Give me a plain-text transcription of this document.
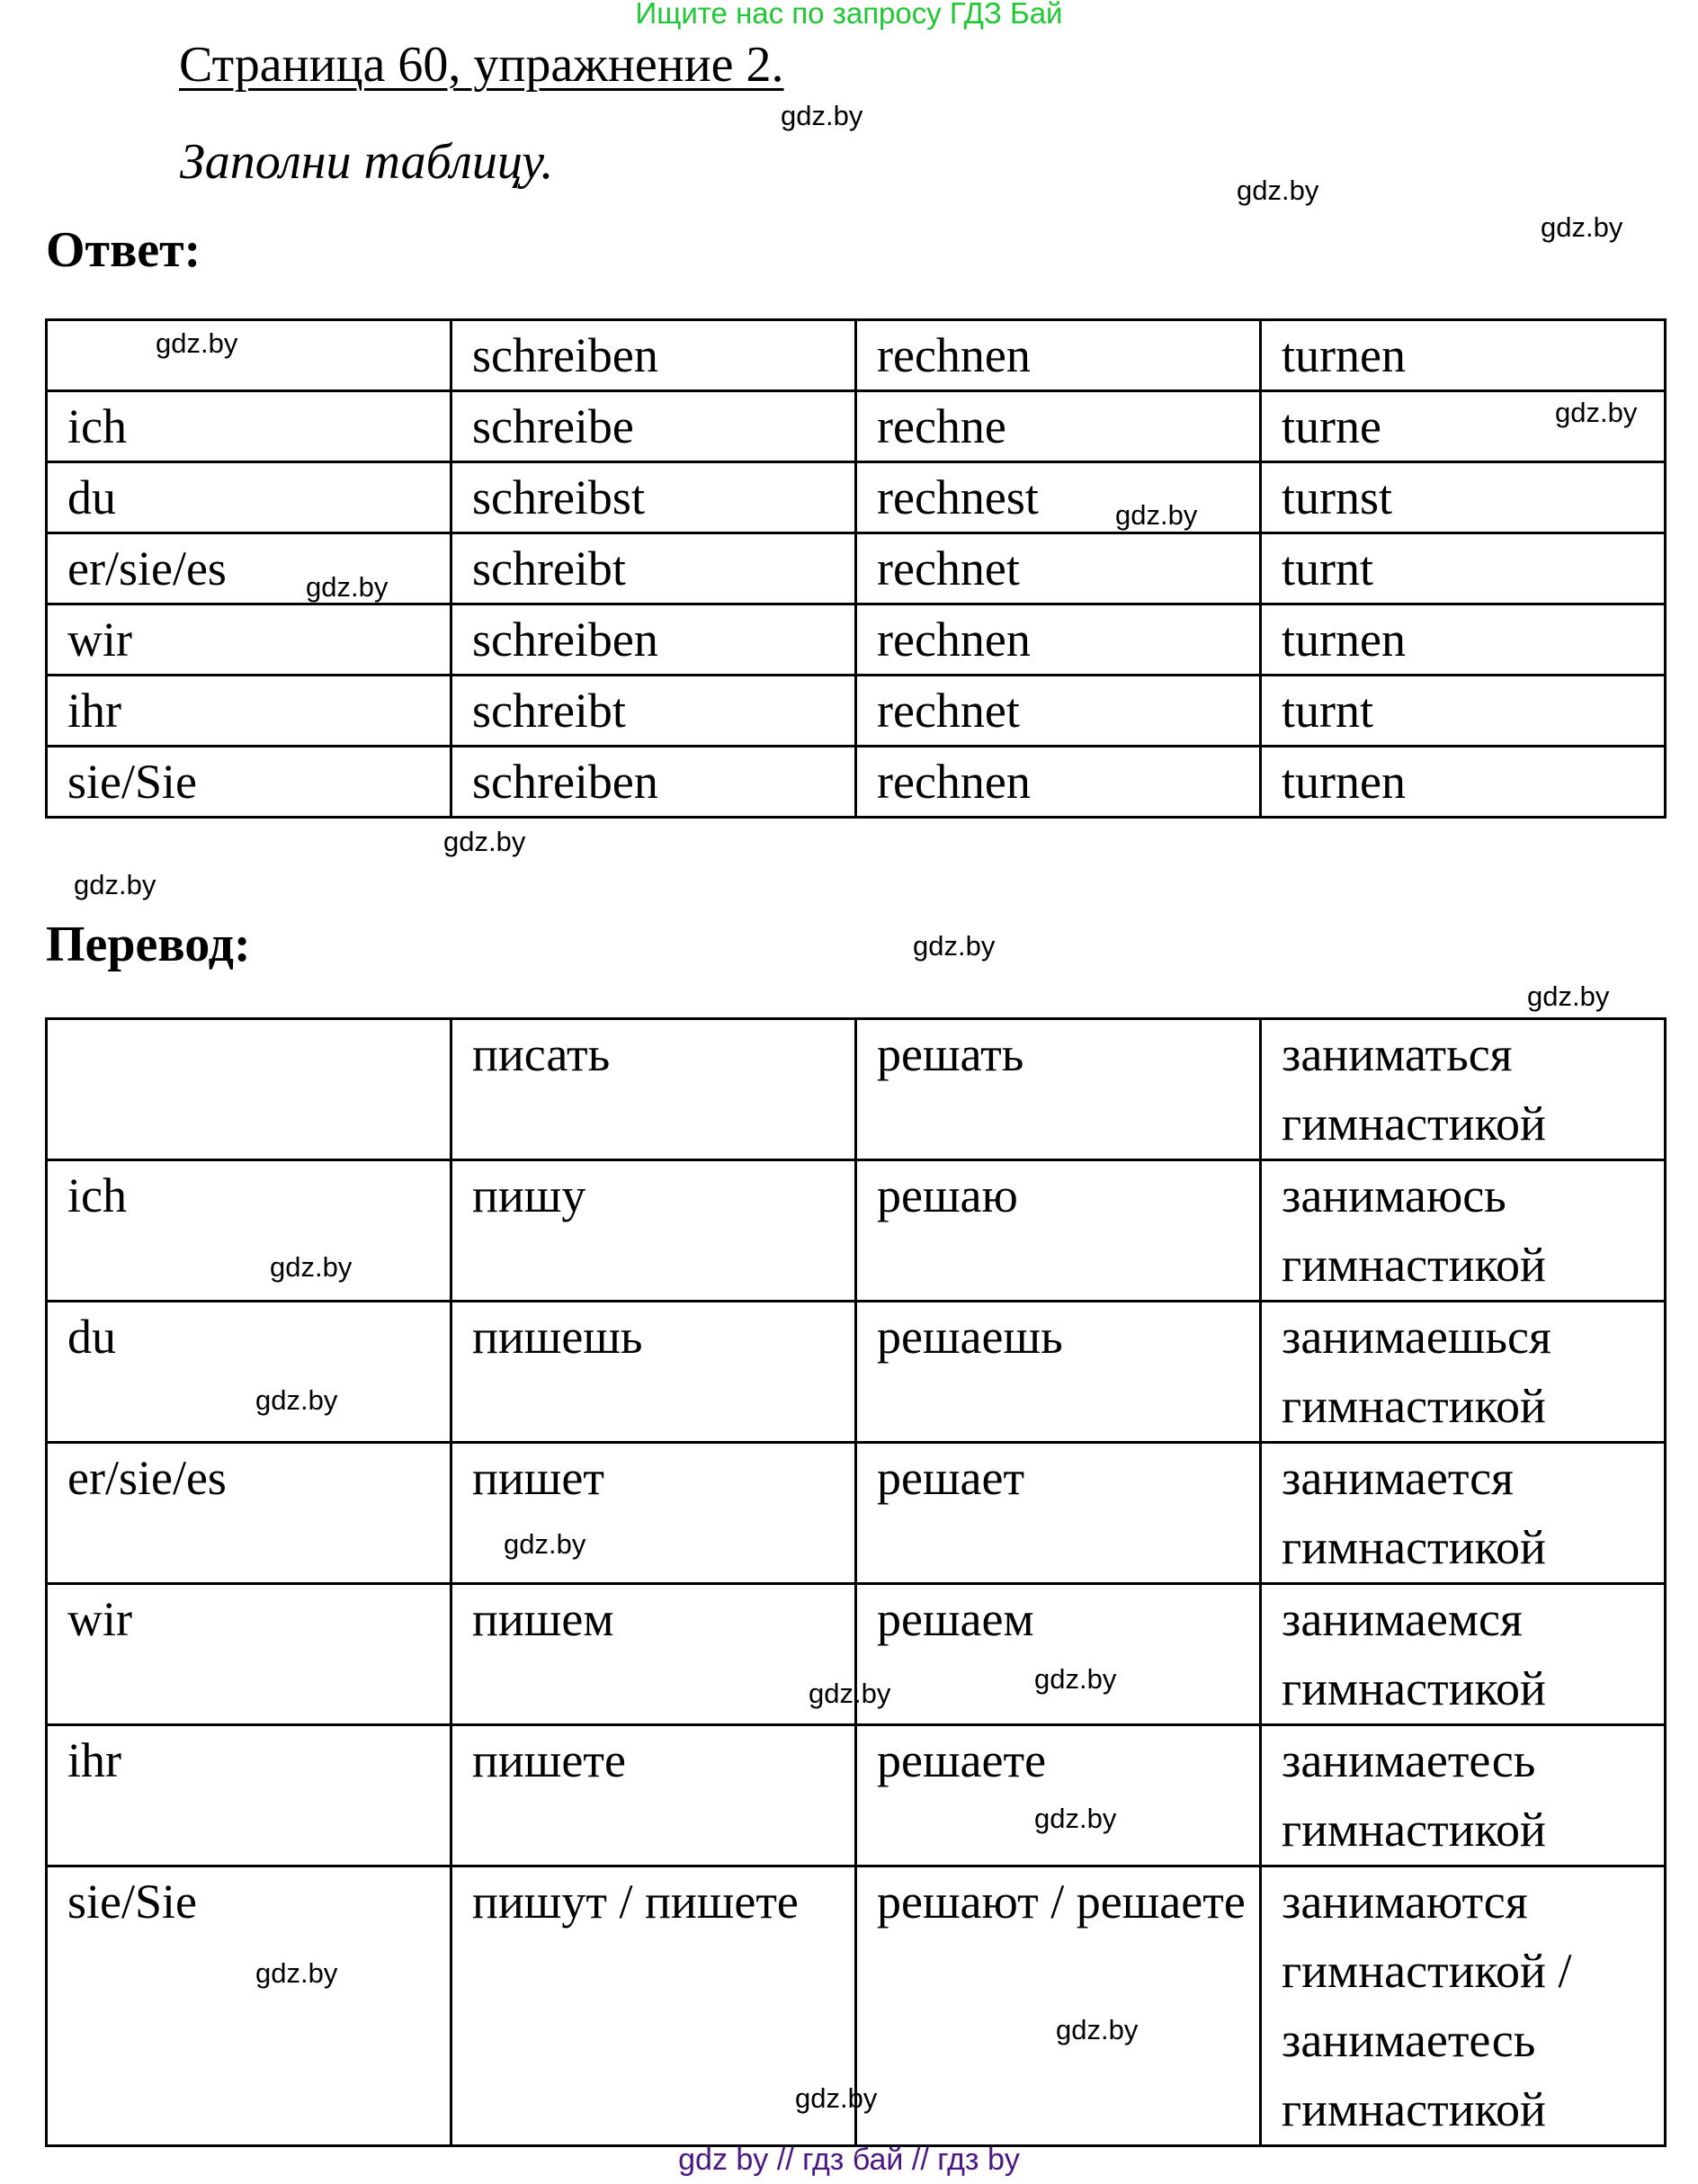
Ищите нас по запросу ГДЗ Бай
Страница 60, упражнение 2.
Заполни таблицу.
Ответ:
	schreiben	rechnen	turnen
ich	schreibe	rechne	turne
du	schreibst	rechnest	turnst
er/sie/es	schreibt	rechnet	turnt
wir	schreiben	rechnen	turnen
ihr	schreibt	rechnet	turnt
sie/Sie	schreiben	rechnen	turnen
Перевод:
	писать	решать	заниматься гимнастикой
ich	пишу	решаю	занимаюсь гимнастикой
du	пишешь	решаешь	занимаешься гимнастикой
er/sie/es	пишет	решает	занимается гимнастикой
wir	пишем	решаем	занимаемся гимнастикой
ihr	пишете	решаете	занимаетесь гимнастикой
sie/Sie	пишут / пишете	решают / решаете	занимаются гимнастикой / занимаетесь гимнастикой
gdz.by
gdz.by
gdz.by
gdz.by
gdz.by
gdz.by
gdz.by
gdz.by
gdz.by
gdz.by
gdz.by
gdz.by
gdz.by
gdz.by
gdz.by
gdz.by
gdz.by
gdz.by
gdz.by
gdz.by
gdz by // гдз бай // гдз by
